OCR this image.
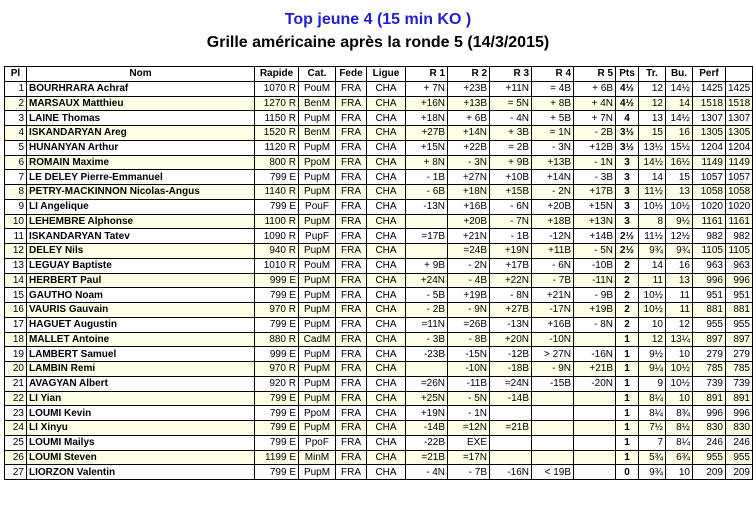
Top jeune 4 (15 min KO )
Grille américaine après la ronde 5 (14/3/2015)
Pl	Nom	Rapide	Cat.	Fede	Ligue	R 1	R 2	R 3	R 4	R 5	Pts	Tr.	Bu.	Perf	
1	BOURHRARA Achraf	1070 R	PouM	FRA	CHA	+ 7N	+23B	+11N	= 4B	+ 6B	4½	12	14½	1425	1425
2	MARSAUX Matthieu	1270 R	BenM	FRA	CHA	+16N	+13B	= 5N	+ 8B	+ 4N	4½	12	14	1518	1518
3	LAINE Thomas	1150 R	PupM	FRA	CHA	+18N	+ 6B	- 4N	+ 5B	+ 7N	4	13	14½	1307	1307
4	ISKANDARYAN Areg	1520 R	BenM	FRA	CHA	+27B	+14N	+ 3B	= 1N	- 2B	3½	15	16	1305	1305
5	HUNANYAN Arthur	1120 R	PupM	FRA	CHA	+15N	+22B	= 2B	- 3N	+12B	3½	13½	15½	1204	1204
6	ROMAIN Maxime	800 R	PpoM	FRA	CHA	+ 8N	- 3N	+ 9B	+13B	- 1N	3	14½	16½	1149	1149
7	LE DELEY Pierre-Emmanuel	799 E	PupM	FRA	CHA	- 1B	+27N	+10B	+14N	- 3B	3	14	15	1057	1057
8	PETRY-MACKINNON Nicolas-Angus	1140 R	PupM	FRA	CHA	- 6B	+18N	+15B	- 2N	+17B	3	11½	13	1058	1058
9	LI Angelique	799 E	PouF	FRA	CHA	-13N	+16B	- 6N	+20B	+15N	3	10½	10½	1020	1020
10	LEHEMBRE Alphonse	1100 R	PupM	FRA	CHA		+20B	- 7N	+18B	+13N	3	8	9½	1161	1161
11	ISKANDARYAN Tatev	1090 R	PupF	FRA	CHA	=17B	+21N	- 1B	-12N	+14B	2½	11½	12½	982	982
12	DELEY Nils	940 R	PupM	FRA	CHA		=24B	+19N	+11B	- 5N	2½	9¾	9¾	1105	1105
13	LEGUAY Baptiste	1010 R	PouM	FRA	CHA	+ 9B	- 2N	+17B	- 6N	-10B	2	14	16	963	963
14	HERBERT Paul	999 E	PupM	FRA	CHA	+24N	- 4B	+22N	- 7B	-11N	2	11	13	996	996
15	GAUTHO Noam	799 E	PupM	FRA	CHA	- 5B	+19B	- 8N	+21N	- 9B	2	10½	11	951	951
16	VAURIS Gauvain	970 R	PupM	FRA	CHA	- 2B	- 9N	+27B	-17N	+19B	2	10½	11	881	881
17	HAGUET Augustin	799 E	PupM	FRA	CHA	=11N	=26B	-13N	+16B	- 8N	2	10	12	955	955
18	MALLET Antoine	880 R	CadM	FRA	CHA	- 3B	- 8B	+20N	-10N		1	12	13¼	897	897
19	LAMBERT Samuel	999 E	PupM	FRA	CHA	-23B	-15N	-12B	> 27N	-16N	1	9½	10	279	279
20	LAMBIN Remi	970 R	PupM	FRA	CHA		-10N	-18B	- 9N	+21B	1	9¼	10½	785	785
21	AVAGYAN Albert	920 R	PupM	FRA	CHA	=26N	-11B	=24N	-15B	-20N	1	9	10½	739	739
22	LI Yian	799 E	PupM	FRA	CHA	+25N	- 5N	-14B			1	8¼	10	891	891
23	LOUMI Kevin	799 E	PpoM	FRA	CHA	+19N	- 1N				1	8¼	8¾	996	996
24	LI Xinyu	799 E	PupM	FRA	CHA	-14B	=12N	=21B			1	7½	8½	830	830
25	LOUMI Mailys	799 E	PpoF	FRA	CHA	-22B	EXE				1	7	8¼	246	246
26	LOUMI Steven	1199 E	MinM	FRA	CHA	=21B	=17N				1	5¾	6¾	955	955
27	LIORZON Valentin	799 E	PupM	FRA	CHA	- 4N	- 7B	-16N	< 19B		0	9¾	10	209	209
